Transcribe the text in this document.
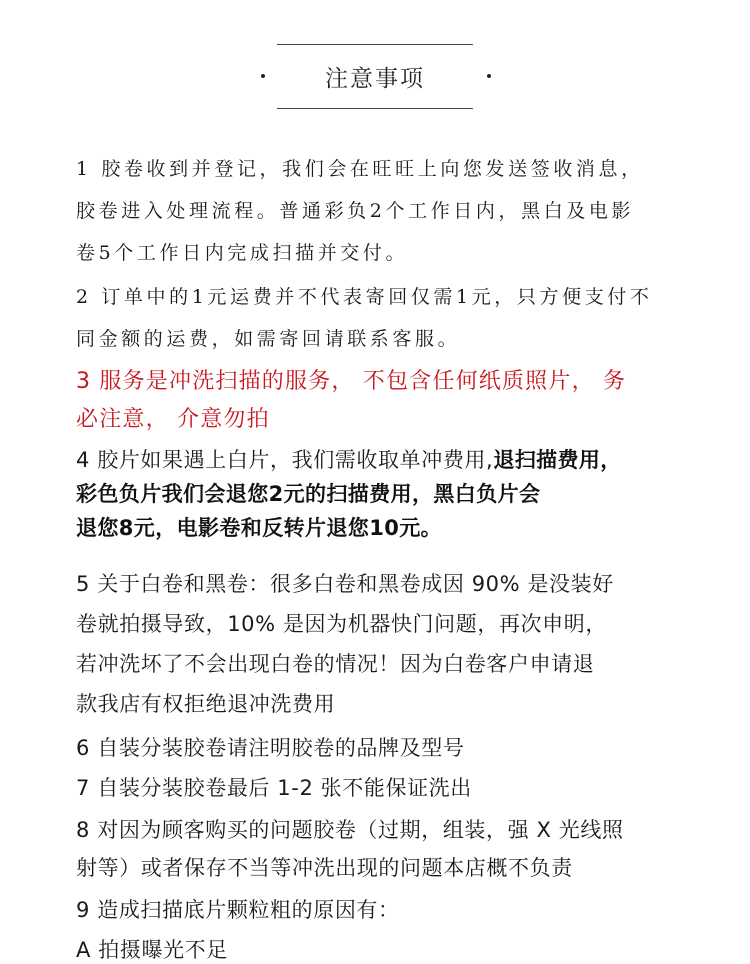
注意事项
1 胶卷收到并登记，我们会在旺旺上向您发送签收消息，
胶卷进入处理流程。普通彩负2个工作日内，黑白及电影
卷5个工作日内完成扫描并交付。
2 订单中的1元运费并不代表寄回仅需1元，只方便支付不
同金额的运费，如需寄回请联系客服。
3 服务是冲洗扫描的服务， 不包含任何纸质照片， 务
必注意， 介意勿拍
4 胶片如果遇上白片，我们需收取单冲费用,退扫描费用，
彩色负片我们会退您2元的扫描费用，黑白负片会
退您8元，电影卷和反转片退您10元。
5 关于白卷和黑卷：很多白卷和黑卷成因 90% 是没装好
卷就拍摄导致，10% 是因为机器快门问题，再次申明，
若冲洗坏了不会出现白卷的情况！因为白卷客户申请退
款我店有权拒绝退冲洗费用
6 自装分装胶卷请注明胶卷的品牌及型号
7 自装分装胶卷最后 1-2 张不能保证洗出
8 对因为顾客购买的问题胶卷（过期，组装，强 X 光线照
射等）或者保存不当等冲洗出现的问题本店概不负责
9 造成扫描底片颗粒粗的原因有：
A 拍摄曝光不足
